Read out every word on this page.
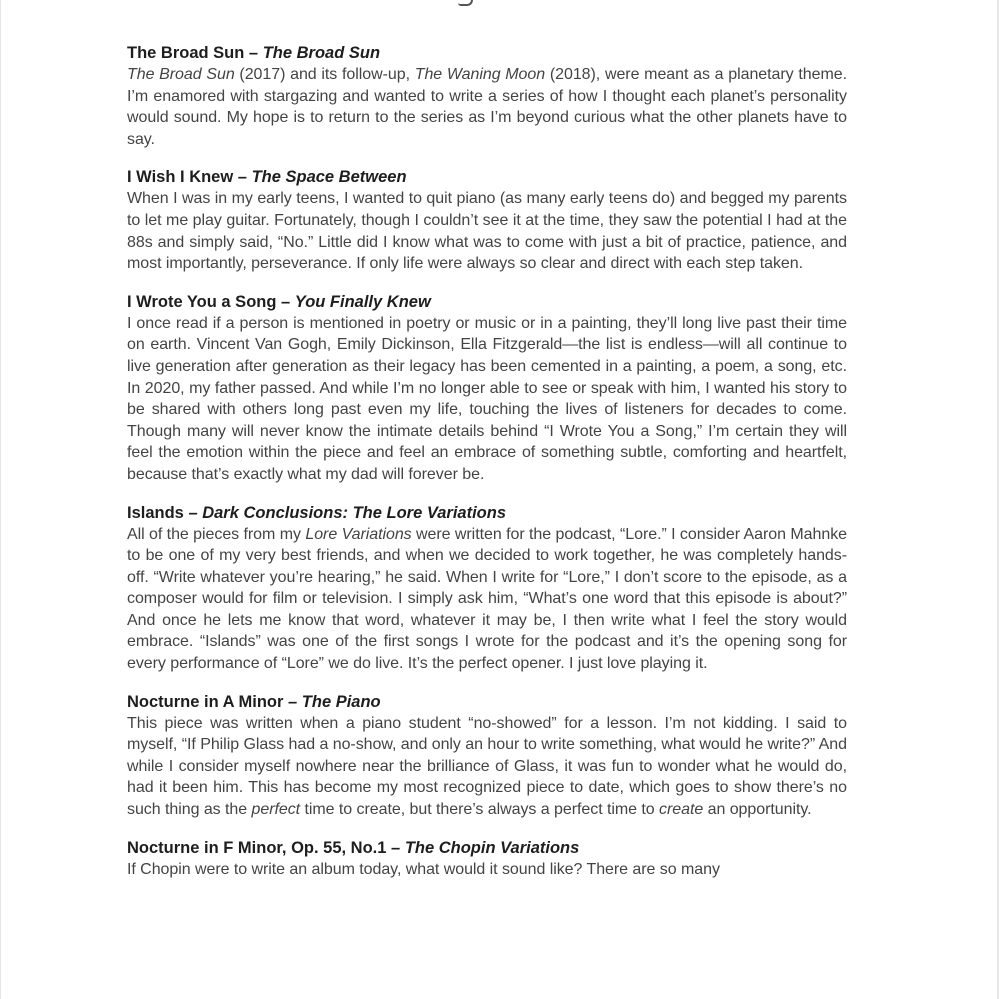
The Broad Sun – The Broad Sun
The Broad Sun (2017) and its follow-up, The Waning Moon (2018), were meant as a planetary theme. I’m enamored with stargazing and wanted to write a series of how I thought each planet’s personality would sound. My hope is to return to the series as I’m beyond curious what the other planets have to say.
I Wish I Knew – The Space Between
When I was in my early teens, I wanted to quit piano (as many early teens do) and begged my parents to let me play guitar. Fortunately, though I couldn’t see it at the time, they saw the potential I had at the 88s and simply said, “No.” Little did I know what was to come with just a bit of practice, patience, and most importantly, perseverance. If only life were always so clear and direct with each step taken.
I Wrote You a Song – You Finally Knew
I once read if a person is mentioned in poetry or music or in a painting, they’ll long live past their time on earth. Vincent Van Gogh, Emily Dickinson, Ella Fitzgerald—the list is endless—will all continue to live generation after generation as their legacy has been cemented in a painting, a poem, a song, etc. In 2020, my father passed. And while I’m no longer able to see or speak with him, I wanted his story to be shared with others long past even my life, touching the lives of listeners for decades to come. Though many will never know the intimate details behind “I Wrote You a Song,” I’m certain they will feel the emotion within the piece and feel an embrace of something subtle, comforting and heartfelt, because that’s exactly what my dad will forever be.
Islands – Dark Conclusions: The Lore Variations
All of the pieces from my Lore Variations were written for the podcast, “Lore.” I consider Aaron Mahnke to be one of my very best friends, and when we decided to work together, he was completely hands-off. “Write whatever you’re hearing,” he said. When I write for “Lore,” I don’t score to the episode, as a composer would for film or television. I simply ask him, “What’s one word that this episode is about?” And once he lets me know that word, whatever it may be, I then write what I feel the story would embrace. “Islands” was one of the first songs I wrote for the podcast and it’s the opening song for every performance of “Lore” we do live. It’s the perfect opener. I just love playing it.
Nocturne in A Minor – The Piano
This piece was written when a piano student “no-showed” for a lesson. I’m not kidding. I said to myself, “If Philip Glass had a no-show, and only an hour to write something, what would he write?” And while I consider myself nowhere near the brilliance of Glass, it was fun to wonder what he would do, had it been him. This has become my most recognized piece to date, which goes to show there’s no such thing as the perfect time to create, but there’s always a perfect time to create an opportunity.
Nocturne in F Minor, Op. 55, No.1 – The Chopin Variations
If Chopin were to write an album today, what would it sound like? There are so many
